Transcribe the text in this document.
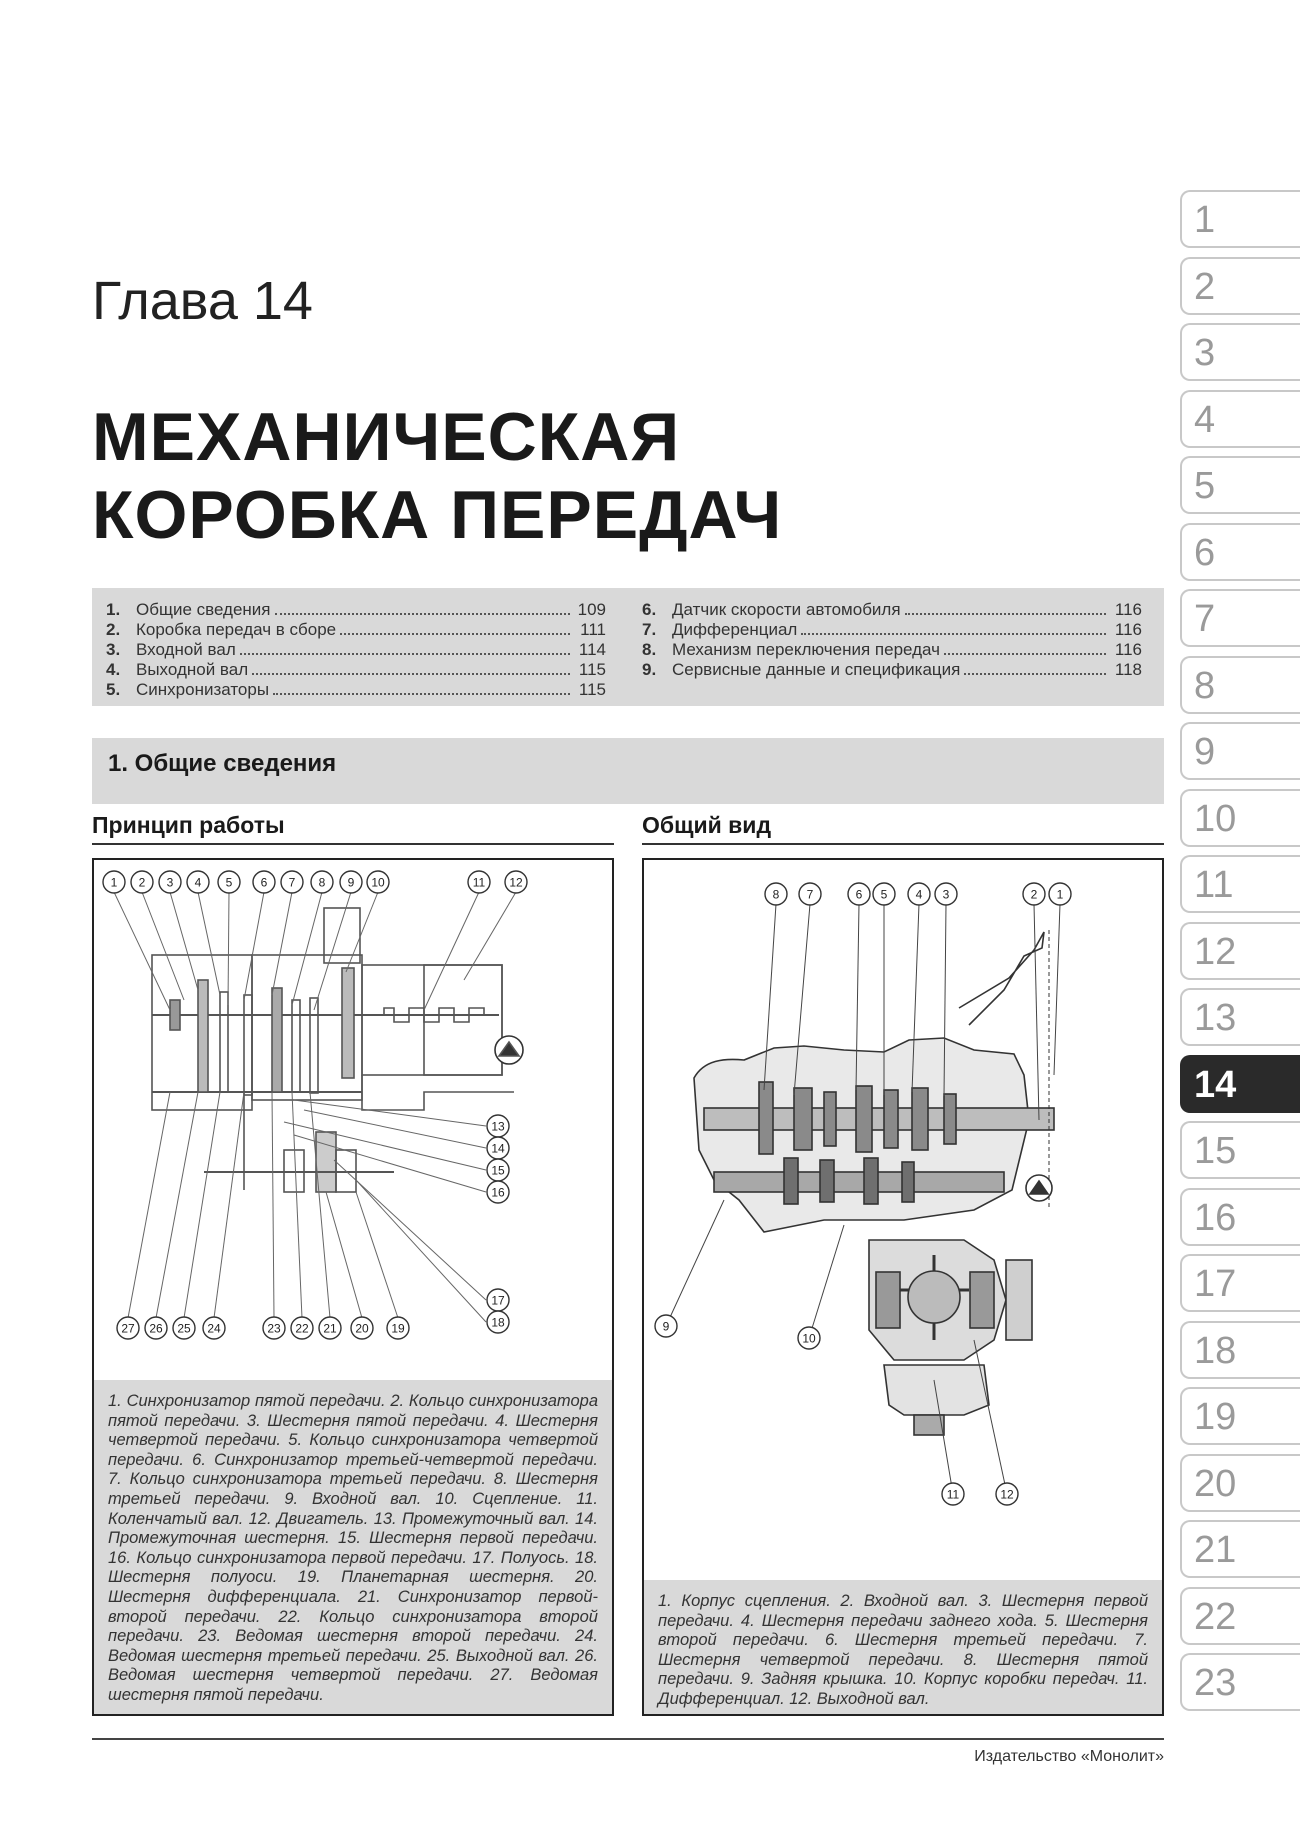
1
2
3
4
5
6
7
8
9
10
11
12
13
14
15
16
17
18
19
20
21
22
23
Глава 14
МЕХАНИЧЕСКАЯ
КОРОБКА ПЕРЕДАЧ
1. Общие сведения	109
2. Коробка передач в сборе	111
3. Входной вал	114
4. Выходной вал	115
5. Синхронизаторы	115
6. Датчик скорости автомобиля	116
7. Дифференциал	116
8. Механизм переключения передач	116
9. Сервисные данные и спецификация	118
1. Общие сведения
Принцип работы	Общий вид
1 2 3 4 5 6 7 8 9 10	11 12
13
14
15
16
17
18
27 26 25 24	23 22 21 20 19
1. Синхронизатор пятой передачи. 2. Кольцо синхронизатора пятой передачи. 3. Шестерня пятой передачи. 4. Шестерня четвертой передачи. 5. Кольцо синхронизатора четвертой передачи. 6. Синхронизатор третьей-четвертой передачи. 7. Кольцо синхронизатора третьей передачи. 8. Шестерня третьей передачи. 9. Входной вал. 10. Сцепление. 11. Коленчатый вал. 12. Двигатель. 13. Промежуточный вал. 14. Промежуточная шестерня. 15. Шестерня первой передачи. 16. Кольцо синхронизатора первой передачи. 17. Полуось. 18. Шестерня полуоси. 19. Планетарная шестерня. 20. Шестерня дифференциала. 21. Синхронизатор первой-второй передачи. 22. Кольцо синхронизатора второй передачи. 23. Ведомая шестерня второй передачи. 24. Ведомая шестерня третьей передачи. 25. Выходной вал. 26. Ведомая шестерня четвертой передачи. 27. Ведомая шестерня пятой передачи.
8 7	6 5 4 3	2 1
9
10
11	12
1. Корпус сцепления. 2. Входной вал. 3. Шестерня первой передачи. 4. Шестерня передачи заднего хода. 5. Шестерня второй передачи. 6. Шестерня третьей передачи. 7. Шестерня четвертой передачи. 8. Шестерня пятой передачи. 9. Задняя крышка. 10. Корпус коробки передач. 11. Дифференциал. 12. Выходной вал.
Издательство «Монолит»
